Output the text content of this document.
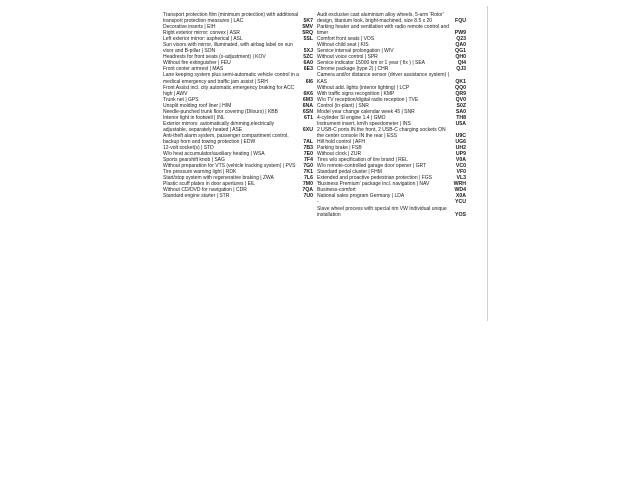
Transport protection film (minimum protection) with additional transport protection measures | LAC	5K7
Decorative inserts | EIH	5MV
Right exterior mirror: convex | ASR	5RQ
Left exterior mirror: aspherical | ASL	5SL
Sun visors with mirror, illuminated, with airbag label on sun visor and B-pillar | SON	5XJ
Headrests for front seats (x-adjustment) | KOV	5ZC
Without fire extinguisher | FEU	6A0
Front center armrest | MAS	6E3
Lane keeping system plus semi-automatic vehicle control in a medical emergency and traffic jam assist | SRH	6I6
Front Assist incl. city automatic emergency braking for ACC high | AWV	6K6
Trunk net | GPS	6M3
Unsplit molding roof liner | HIM	6NA
Needle-punched trunk floor covering (Dilours) | KBB	6SN
Interior light in footwell | INL	6T1
Exterior mirrors: automatically dimming,electrically adjustable, separately heated | ASE	6XU
Anti-theft alarm system, passenger compartment control, backup horn and towing protection | EDW	7AL
12-volt socket(s) | STD	7B3
W/o heat accumulator/auxiliary heating | WSA	7E0
Sports gearshift knob | SAG	7F4
Without preparation for VTS (vehicle tracking system) | PVS	7G0
Tire pressure warning light | RDK	7K1
Start/stop system with regenerative braking | ZWA	7L6
Plastic scuff plates in door apertures | EIL	7M0
Without CD/DVD for navigation | CDR	7QA
Standard engine starter | STR	7U0
Audi exclusive cast aluminium alloy wheels, 5-arm 'Rotor' design, titanium look, bright-machined, size 8.5 x 20	FQU
Parking heater and ventilation with radio remote control and timer	PW9
Comfort front seats | VOS	Q23
Without child seat | KIS	QA0
Service interval prolongation | WIV	QG1
Without voice control | SPR	QH0
Service indicator 15000 km or 1 year ( fix ) | SEA	QI4
Chrome package (type 2) | CHR	QJ3
Camera and/or distance sensor (driver assistance system) | KAS	QK1
Without add. lights (interior lighting) | LCP	QQ0
With traffic signs recognition | KMP	QR9
W/o TV reception/digital radio reception | TVE	QV0
Control (in-plant) | SNR	S0Z
Model year change calendar week 45 | SNR	SA0
4-cylinder SI engine 1.4 | GMO	TH8
Instrument insert, km/h speedometer | INS	U5A
2 USB-C ports IN the front, 2 USB-C charging sockets ON the center console IN the rear | ESS	U9C
Hill hold control | AFH	UG6
Parking brake | FSB	UH2
Without clock | ZUR	UP9
Tires w/o specification of tire brand | REL	V0A
W/o remote-controlled garage door opener | GRT	VC0
Standard pedal cluster | FHM	VF0
Extended and proactive pedestrian protection | FGS	VL3
'Business Premium' package incl. navigation | NAV	WRH
Business-comfort	WD4
National sales program Germany | LDA	X0A
-	YCU
Slave wheel process with special rim VW Individual unique installation	YOS
